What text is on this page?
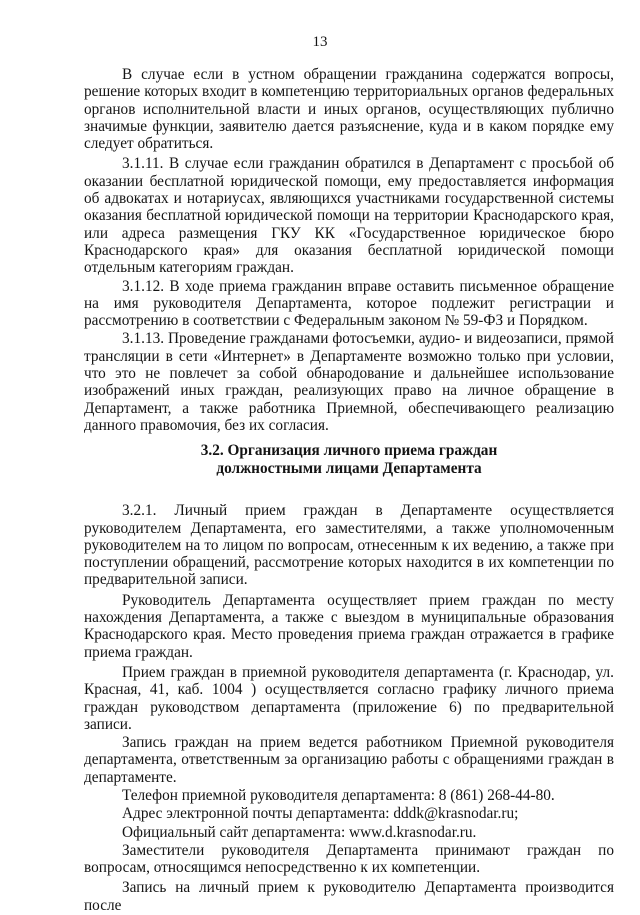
13

В случае если в устном обращении гражданина содержатся вопросы, решение которых входит в компетенцию территориальных органов федеральных органов исполнительной власти и иных органов, осуществляющих публично значимые функции, заявителю дается разъяснение, куда и в каком порядке ему следует обратиться.

3.1.11. В случае если гражданин обратился в Департамент с просьбой об оказании бесплатной юридической помощи, ему предоставляется информация об адвокатах и нотариусах, являющихся участниками государственной системы оказания бесплатной юридической помощи на территории Краснодарского края, или адреса размещения ГКУ КК «Государственное юридическое бюро Краснодарского края» для оказания бесплатной юридической помощи отдельным категориям граждан.

3.1.12. В ходе приема гражданин вправе оставить письменное обращение на имя руководителя Департамента, которое подлежит регистрации и рассмотрению в соответствии с Федеральным законом № 59-ФЗ и Порядком.

3.1.13. Проведение гражданами фотосъемки, аудио- и видеозаписи, прямой трансляции в сети «Интернет» в Департаменте возможно только при условии, что это не повлечет за собой обнародование и дальнейшее использование изображений иных граждан, реализующих право на личное обращение в Департамент, а также работника Приемной, обеспечивающего реализацию данного правомочия, без их согласия.

3.2. Организация личного приема граждан
должностными лицами Департамента

3.2.1. Личный прием граждан в Департаменте осуществляется руководителем Департамента, его заместителями, а также уполномоченным руководителем на то лицом по вопросам, отнесенным к их ведению, а также при поступлении обращений, рассмотрение которых находится в их компетенции по предварительной записи.

Руководитель Департамента осуществляет прием граждан по месту нахождения Департамента, а также с выездом в муниципальные образования Краснодарского края. Место проведения приема граждан отражается в графике приема граждан.

Прием граждан в приемной руководителя департамента (г. Краснодар, ул. Красная, 41, каб. 1004 ) осуществляется согласно графику личного приема граждан руководством департамента (приложение 6) по предварительной записи.

Запись граждан на прием ведется работником Приемной руководителя департамента, ответственным за организацию работы с обращениями граждан в департаменте.

Телефон приемной руководителя департамента: 8 (861) 268-44-80.

Адрес электронной почты департамента: dddk@krasnodar.ru;

Официальный сайт департамента: www.d.krasnodar.ru.

Заместители руководителя Департамента принимают граждан по вопросам, относящимся непосредственно к их компетенции.

Запись на личный прием к руководителю Департамента производится после
